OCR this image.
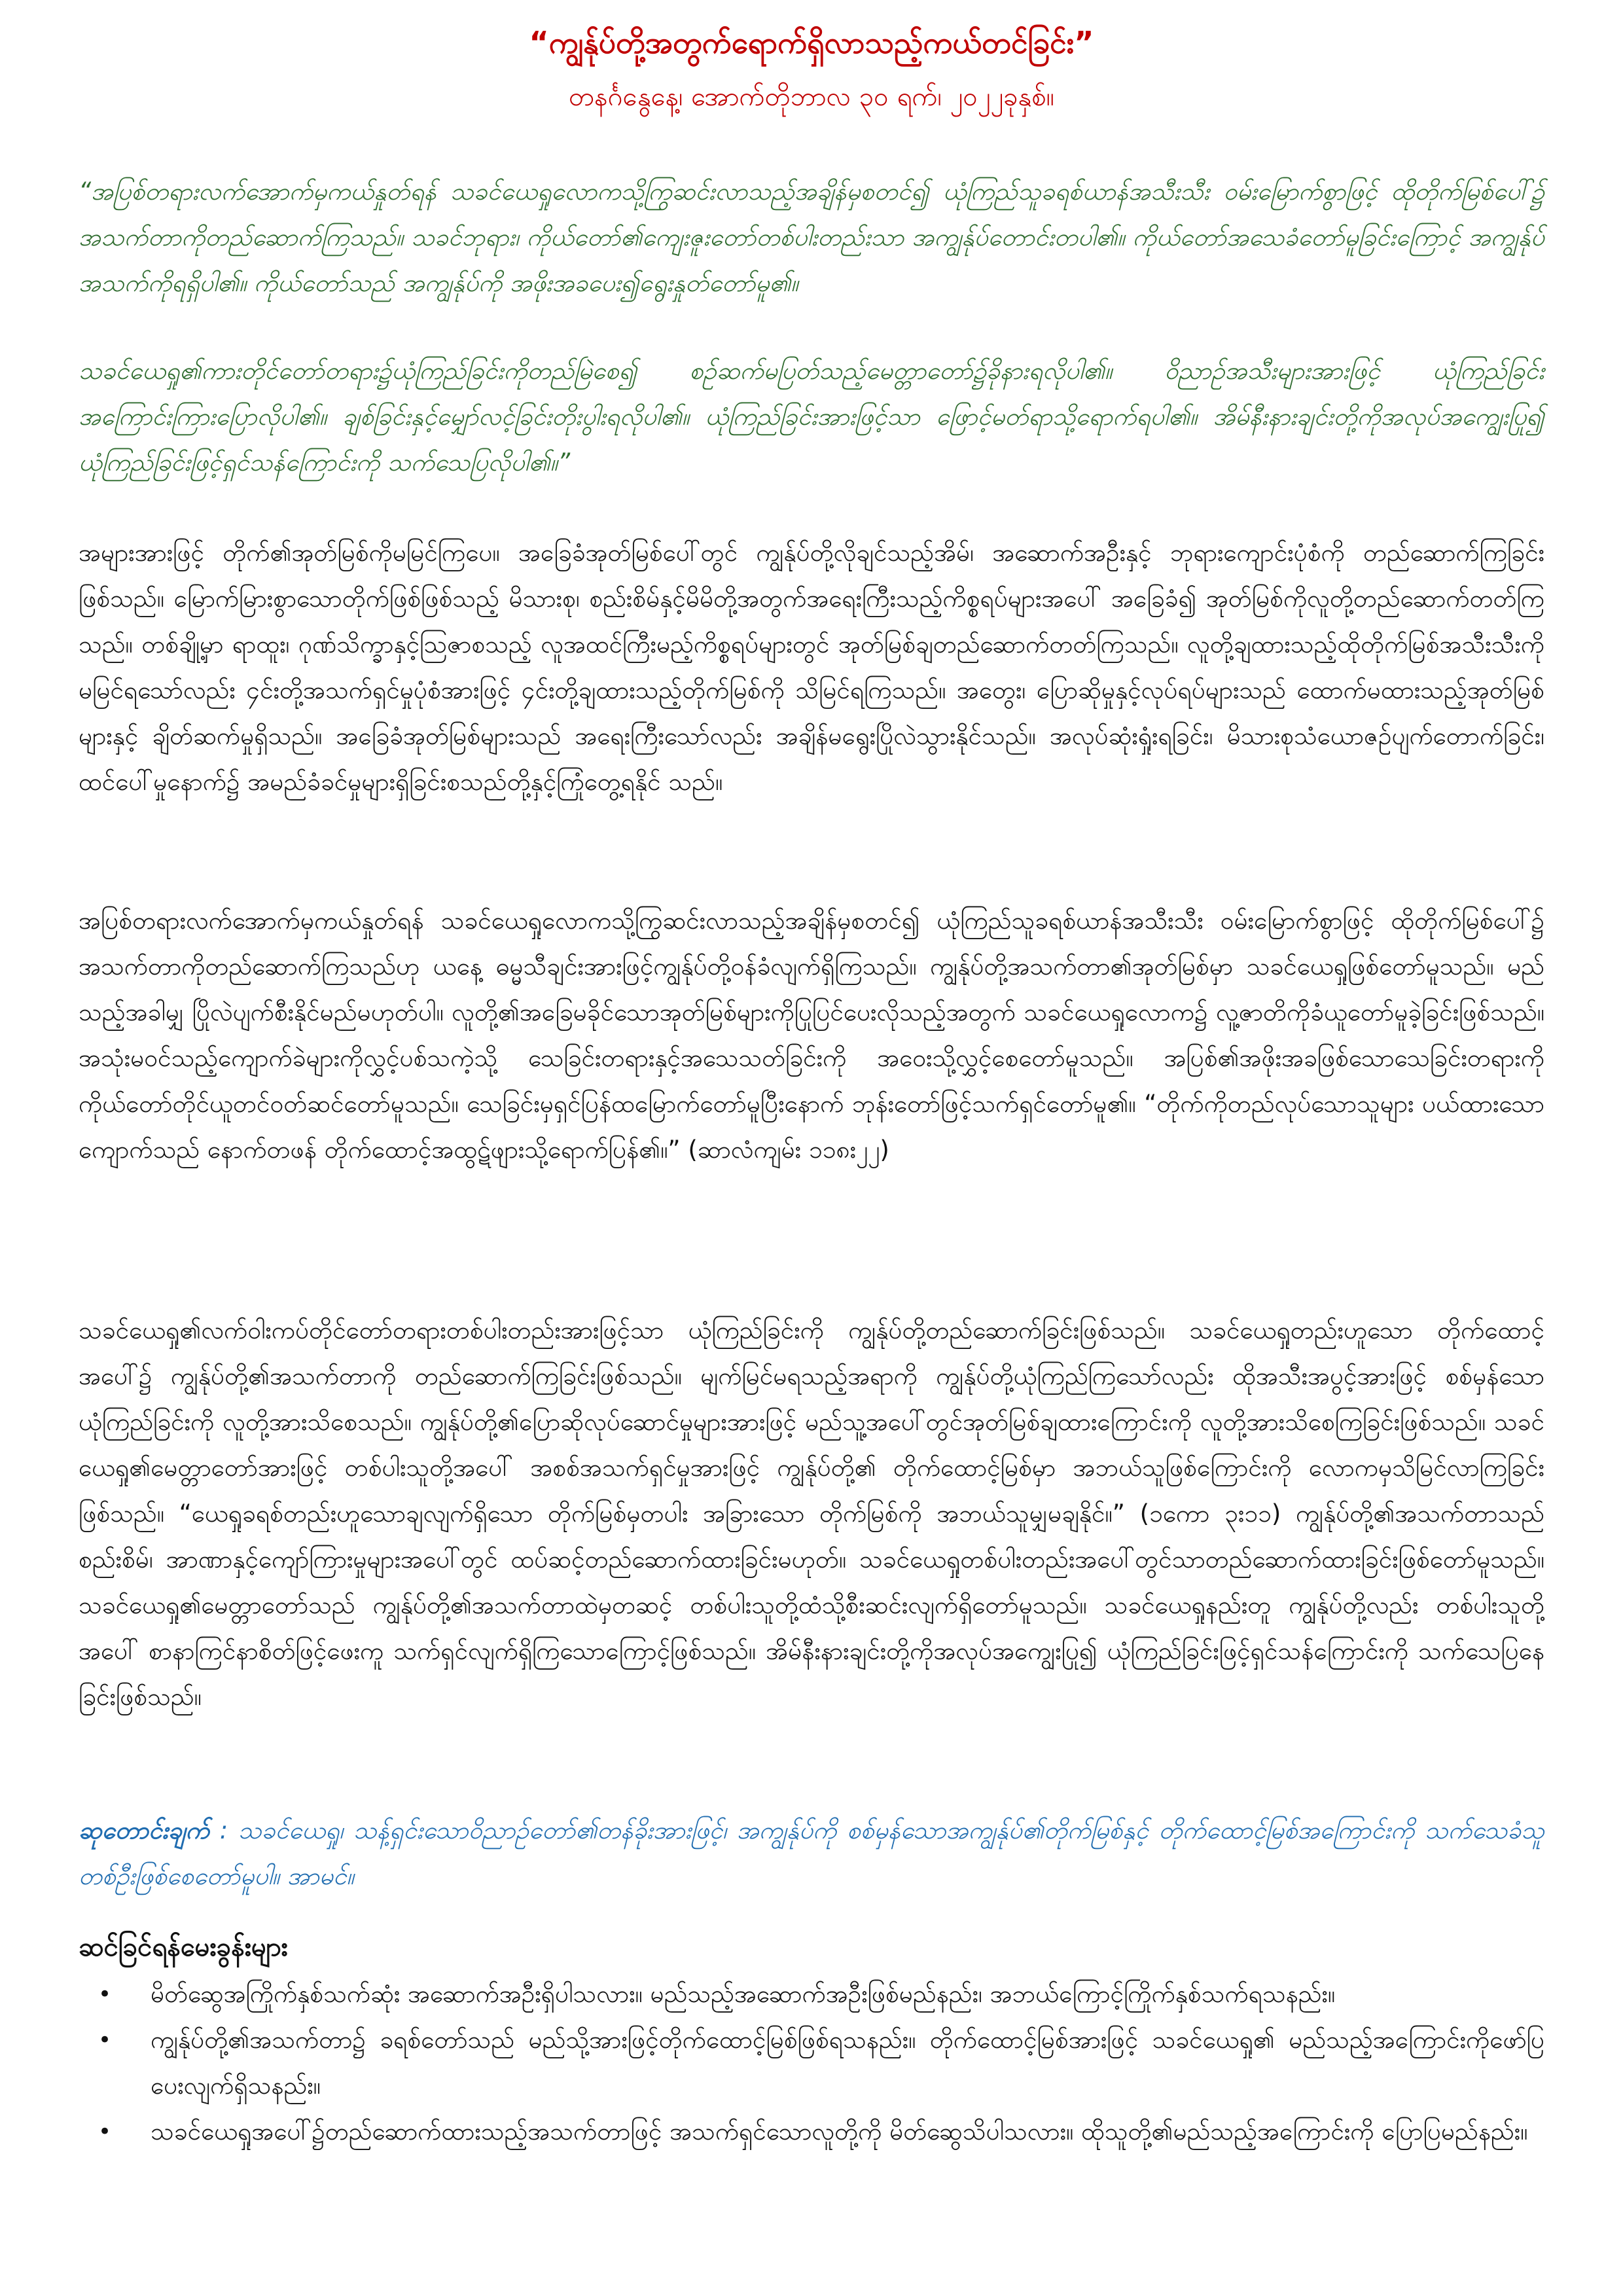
“ကျွန်ုပ်တို့အတွက်ရောက်ရှိလာသည့်ကယ်တင်ခြင်း”
တနင်္ဂနွေနေ့၊ အောက်တိုဘာလ ၃၀ ရက်၊ ၂၀၂၂ခုနှစ်။

“အပြစ်တရားလက်အောက်မှကယ်နှုတ်ရန် သခင်ယေရှုလောကသို့ကြွဆင်းလာသည့်အချိန်မှစတင်၍ ယုံကြည်သူခရစ်ယာန်အသီးသီး ဝမ်းမြောက်စွာဖြင့် ထိုတိုက်မြစ်ပေါ်၌ အသက်တာကိုတည်ဆောက်ကြသည်။ သခင်ဘုရား၊ ကိုယ်တော်၏ကျေးဇူးတော်တစ်ပါးတည်းသာ အကျွန်ုပ်တောင်းတပါ၏။ ကိုယ်တော်အသေခံတော်မူခြင်းကြောင့် အကျွန်ုပ်အသက်ကိုရရှိပါ၏။ ကိုယ်တော်သည် အကျွန်ုပ်ကို အဖိုးအခပေး၍ရွေးနှုတ်တော်မူ၏။

သခင်ယေရှု၏ကားတိုင်တော်တရား၌ယုံကြည်ခြင်းကိုတည်မြဲစေ၍ စဉ်ဆက်မပြတ်သည့်မေတ္တာတော်၌ခိုနားရလိုပါ၏။ ဝိညာဉ်အသီးများအားဖြင့် ယုံကြည်ခြင်းအကြောင်းကြားပြောလိုပါ၏။ ချစ်ခြင်းနှင့်မျှော်လင့်ခြင်းတိုးပွါးရလိုပါ၏။ ယုံကြည်ခြင်းအားဖြင့်သာ ဖြောင့်မတ်ရာသို့ရောက်ရပါ၏။ အိမ်နီးနားချင်းတို့ကိုအလုပ်အကျွေးပြု၍ ယုံကြည်ခြင်းဖြင့်ရှင်သန်ကြောင်းကို သက်သေပြလိုပါ၏။”

အများအားဖြင့် တိုက်၏အုတ်မြစ်ကိုမမြင်ကြပေ။ အခြေခံအုတ်မြစ်ပေါ်တွင် ကျွန်ုပ်တို့လိုချင်သည့်အိမ်၊ အဆောက်အဦးနှင့် ဘုရားကျောင်းပုံစံကို တည်ဆောက်ကြခြင်းဖြစ်သည်။ မြောက်မြားစွာသောတိုက်ဖြစ်ဖြစ်သည့် မိသားစု၊ စည်းစိမ်နှင့်မိမိတို့အတွက်အရေးကြီးသည့်ကိစ္စရပ်များအပေါ် အခြေခံ၍ အုတ်မြစ်ကိုလူတို့တည်ဆောက်တတ်ကြသည်။ တစ်ချို့မှာ ရာထူး၊ ဂုဏ်သိက္ခာနှင့်ဩဇာစသည့် လူအထင်ကြီးမည့်ကိစ္စရပ်များတွင် အုတ်မြစ်ချတည်ဆောက်တတ်ကြသည်။ လူတို့ချထားသည့်ထိုတိုက်မြစ်အသီးသီးကိုမမြင်ရသော်လည်း ၄င်းတို့အသက်ရှင်မှုပုံစံအားဖြင့် ၄င်းတို့ချထားသည့်တိုက်မြစ်ကို သိမြင်ရကြသည်။ အတွေး၊ ပြောဆိုမှုနှင့်လုပ်ရပ်များသည် ထောက်မထားသည့်အုတ်မြစ်များနှင့် ချိတ်ဆက်မှုရှိသည်။ အခြေခံအုတ်မြစ်များသည် အရေးကြီးသော်လည်း အချိန်မရွေးပြိုလဲသွားနိုင်သည်။ အလုပ်ဆုံးရှုံးရခြင်း၊ မိသားစုသံယောဇဉ်ပျက်တောက်ခြင်း၊ ထင်ပေါ်မှုနောက်၌ အမည်ခံခင်မှုများရှိခြင်းစသည်တို့နှင့်ကြုံတွေ့ရနိုင် သည်။

အပြစ်တရားလက်အောက်မှကယ်နှုတ်ရန် သခင်ယေရှုလောကသို့ကြွဆင်းလာသည့်အချိန်မှစတင်၍ ယုံကြည်သူခရစ်ယာန်အသီးသီး ဝမ်းမြောက်စွာဖြင့် ထိုတိုက်မြစ်ပေါ်၌ အသက်တာကိုတည်ဆောက်ကြသည်ဟု ယနေ့ ဓမ္မသီချင်းအားဖြင့်ကျွန်ုပ်တို့ဝန်ခံလျက်ရှိကြသည်။ ကျွန်ုပ်တို့အသက်တာ၏အုတ်မြစ်မှာ သခင်ယေရှုဖြစ်တော်မူသည်။ မည်သည့်အခါမျှ ပြိုလဲပျက်စီးနိုင်မည်မဟုတ်ပါ။ လူတို့၏အခြေမခိုင်သောအုတ်မြစ်များကိုပြုပြင်ပေးလိုသည့်အတွက် သခင်ယေရှုလောက၌ လူ့ဇာတိကိုခံယူတော်မူခဲ့ခြင်းဖြစ်သည်။ အသုံးမဝင်သည့်ကျောက်ခဲများကိုလွှင့်ပစ်သကဲ့သို့ သေခြင်းတရားနှင့်အသေသတ်ခြင်းကို အဝေးသို့လွှင့်စေတော်မူသည်။ အပြစ်၏အဖိုးအခဖြစ်သောသေခြင်းတရားကို ကိုယ်တော်တိုင်ယူတင်ဝတ်ဆင်တော်မူသည်။ သေခြင်းမှရှင်ပြန်ထမြောက်တော်မူပြီးနောက် ဘုန်းတော်ဖြင့်သက်ရှင်တော်မူ၏။ “တိုက်ကိုတည်လုပ်သောသူများ ပယ်ထားသောကျောက်သည် နောက်တဖန် တိုက်ထောင့်အထွဋ်ဖျားသို့ရောက်ပြန်၏။” (ဆာလံကျမ်း ၁၁၈း၂၂)

သခင်ယေရှု၏လက်ဝါးကပ်တိုင်တော်တရားတစ်ပါးတည်းအားဖြင့်သာ ယုံကြည်ခြင်းကို ကျွန်ုပ်တို့တည်ဆောက်ခြင်းဖြစ်သည်။ သခင်ယေရှုတည်းဟူသော တိုက်ထောင့်အပေါ်၌ ကျွန်ုပ်တို့၏အသက်တာကို တည်ဆောက်ကြခြင်းဖြစ်သည်။ မျက်မြင်မရသည့်အရာကို ကျွန်ုပ်တို့ယုံကြည်ကြသော်လည်း ထိုအသီးအပွင့်အားဖြင့် စစ်မှန်သောယုံကြည်ခြင်းကို လူတို့အားသိစေသည်။ ကျွန်ုပ်တို့၏ပြောဆိုလုပ်ဆောင်မှုများအားဖြင့် မည်သူ့အပေါ်တွင်အုတ်မြစ်ချထားကြောင်းကို လူတို့အားသိစေကြခြင်းဖြစ်သည်။ သခင်ယေရှု၏မေတ္တာတော်အားဖြင့် တစ်ပါးသူတို့အပေါ် အစစ်အသက်ရှင်မှုအားဖြင့် ကျွန်ုပ်တို့၏ တိုက်ထောင့်မြစ်မှာ အဘယ်သူဖြစ်ကြောင်းကို လောကမှသိမြင်လာကြခြင်းဖြစ်သည်။ “ယေရှုခရစ်တည်းဟူသောချလျက်ရှိသော တိုက်မြစ်မှတပါး အခြားသော တိုက်မြစ်ကို အဘယ်သူမျှမချနိုင်။” (၁ကော ၃း၁၁) ကျွန်ုပ်တို့၏အသက်တာသည် စည်းစိမ်၊ အာဏာနှင့်ကျော်ကြားမှုများအပေါ်တွင် ထပ်ဆင့်တည်ဆောက်ထားခြင်းမဟုတ်။ သခင်ယေရှုတစ်ပါးတည်းအပေါ်တွင်သာတည်ဆောက်ထားခြင်းဖြစ်တော်မူသည်။ သခင်ယေရှု၏မေတ္တာတော်သည် ကျွန်ုပ်တို့၏အသက်တာထဲမှတဆင့် တစ်ပါးသူတို့ထံသို့စီးဆင်းလျက်ရှိတော်မူသည်။ သခင်ယေရှုနည်းတူ ကျွန်ုပ်တို့လည်း တစ်ပါးသူတို့အပေါ် စာနာကြင်နာစိတ်ဖြင့်ဖေးကူ သက်ရှင်လျက်ရှိကြသောကြောင့်ဖြစ်သည်။ အိမ်နီးနားချင်းတို့ကိုအလုပ်အကျွေးပြု၍ ယုံကြည်ခြင်းဖြင့်ရှင်သန်ကြောင်းကို သက်သေပြနေခြင်းဖြစ်သည်။

ဆုတောင်းချက် : သခင်ယေရှု၊ သန့်ရှင်းသောဝိညာဉ်တော်၏တန်ခိုးအားဖြင့်၊ အကျွန်ုပ်ကို စစ်မှန်သောအကျွန်ုပ်၏တိုက်မြစ်နှင့် တိုက်ထောင့်မြစ်အကြောင်းကို သက်သေခံသူတစ်ဦးဖြစ်စေတော်မူပါ။ အာမင်။

ဆင်ခြင်ရန်မေးခွန်းများ
• မိတ်ဆွေအကြိုက်နှစ်သက်ဆုံး အဆောက်အဦးရှိပါသလား။ မည်သည့်အဆောက်အဦးဖြစ်မည်နည်း၊ အဘယ်ကြောင့်ကြိုက်နှစ်သက်ရသနည်း။
• ကျွန်ုပ်တို့၏အသက်တာ၌ ခရစ်တော်သည် မည်သို့အားဖြင့်တိုက်ထောင့်မြစ်ဖြစ်ရသနည်း။ တိုက်ထောင့်မြစ်အားဖြင့် သခင်ယေရှု၏ မည်သည့်အကြောင်းကိုဖော်ပြပေးလျက်ရှိသနည်း။
• သခင်ယေရှုအပေါ်၌တည်ဆောက်ထားသည့်အသက်တာဖြင့် အသက်ရှင်သောလူတို့ကို မိတ်ဆွေသိပါသလား။ ထိုသူတို့၏မည်သည့်အကြောင်းကို ပြောပြမည်နည်း။
